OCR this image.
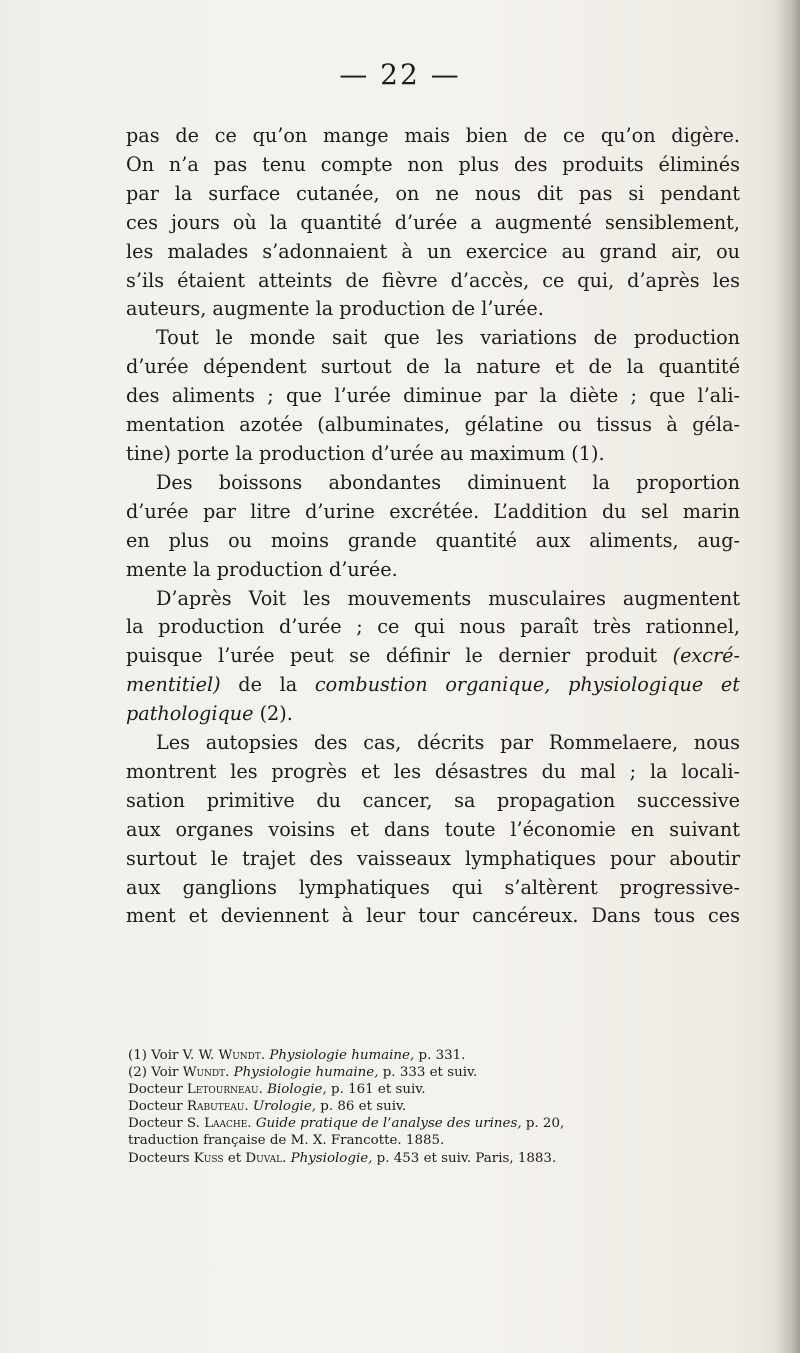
— 22 —
pas de ce qu’on mange mais bien de ce qu’on digère.
On n’a pas tenu compte non plus des produits éliminés
par la surface cutanée, on ne nous dit pas si pendant
ces jours où la quantité d’urée a augmenté sensiblement,
les malades s’adonnaient à un exercice au grand air, ou
s’ils étaient atteints de fièvre d’accès, ce qui, d’après les
auteurs, augmente la production de l’urée.
Tout le monde sait que les variations de production
d’urée dépendent surtout de la nature et de la quantité
des aliments ; que l’urée diminue par la diète ; que l’ali-
mentation azotée (albuminates, gélatine ou tissus à géla-
tine) porte la production d’urée au maximum (1).
Des boissons abondantes diminuent la proportion
d’urée par litre d’urine excrétée. L’addition du sel marin
en plus ou moins grande quantité aux aliments, aug-
mente la production d’urée.
D’après Voit les mouvements musculaires augmentent
la production d’urée ; ce qui nous paraît très rationnel,
puisque l’urée peut se définir le dernier produit (excré-
mentitiel) de la combustion organique, physiologique et
pathologique (2).
Les autopsies des cas, décrits par Rommelaere, nous
montrent les progrès et les désastres du mal ; la locali-
sation primitive du cancer, sa propagation successive
aux organes voisins et dans toute l’économie en suivant
surtout le trajet des vaisseaux lymphatiques pour aboutir
aux ganglions lymphatiques qui s’altèrent progressive-
ment et deviennent à leur tour cancéreux. Dans tous ces
(1) Voir V. W. Wundt. Physiologie humaine, p. 331.
(2) Voir Wundt. Physiologie humaine, p. 333 et suiv.
Docteur Letourneau. Biologie, p. 161 et suiv.
Docteur Rabuteau. Urologie, p. 86 et suiv.
Docteur S. Laache. Guide pratique de l’analyse des urines, p. 20,
traduction française de M. X. Francotte. 1885.
Docteurs Kuss et Duval. Physiologie, p. 453 et suiv. Paris, 1883.
